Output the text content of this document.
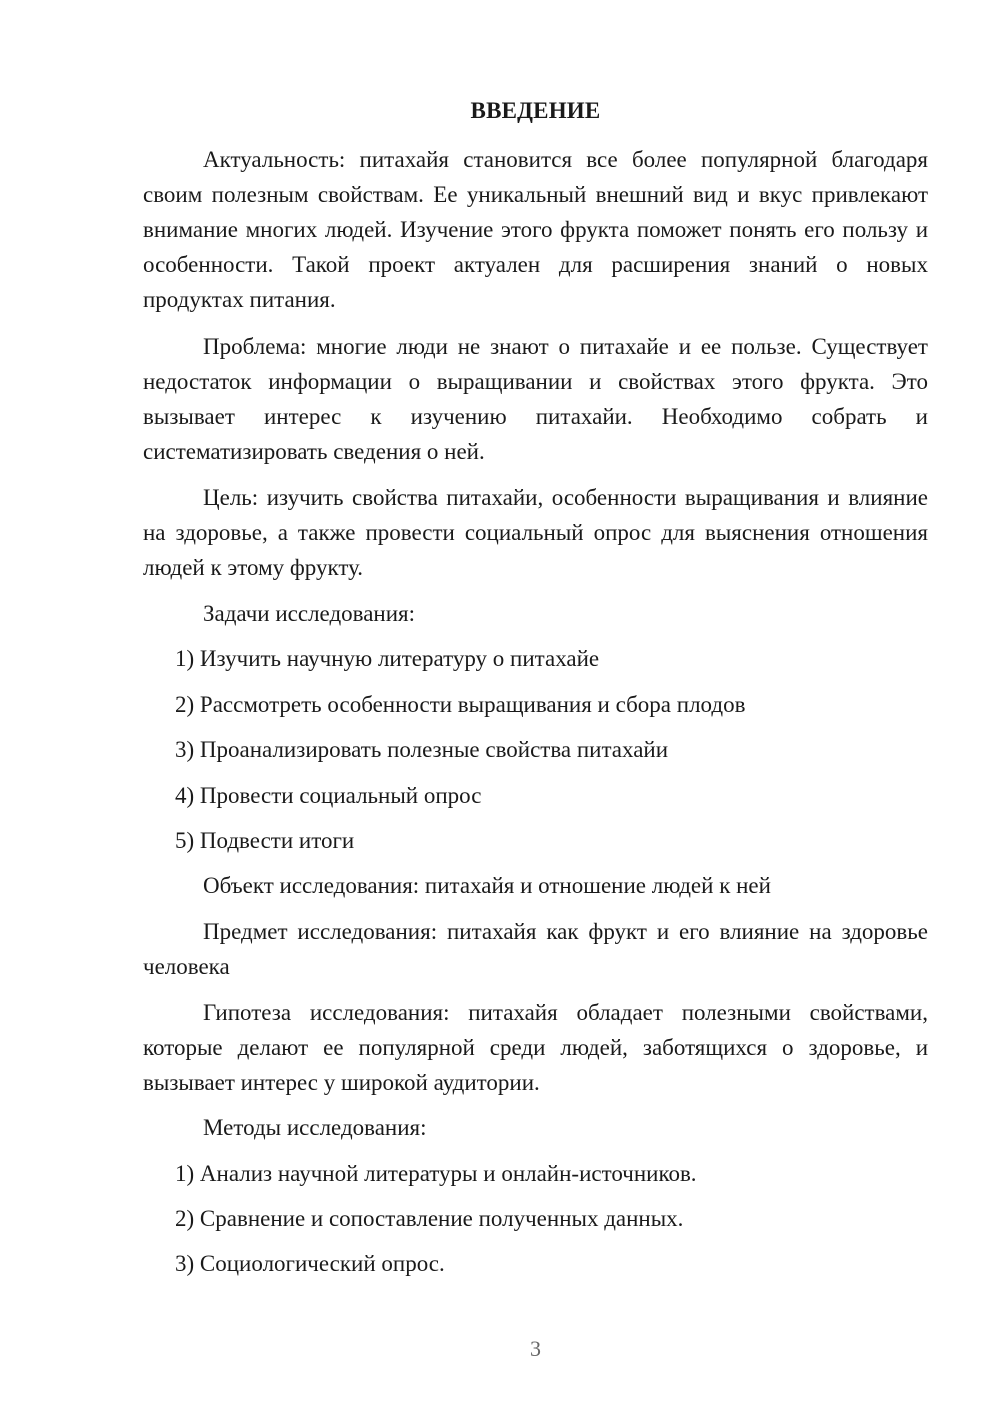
ВВЕДЕНИЕ

Актуальность: питахайя становится все более популярной благодаря своим полезным свойствам. Ее уникальный внешний вид и вкус привлекают внимание многих людей. Изучение этого фрукта поможет понять его пользу и особенности. Такой проект актуален для расширения знаний о новых продуктах питания.

Проблема: многие люди не знают о питахайе и ее пользе. Существует недостаток информации о выращивании и свойствах этого фрукта. Это вызывает интерес к изучению питахайи. Необходимо собрать и систематизировать сведения о ней.

Цель: изучить свойства питахайи, особенности выращивания и влияние на здоровье, а также провести социальный опрос для выяснения отношения людей к этому фрукту.

Задачи исследования:

1) Изучить научную литературу о питахайе

2) Рассмотреть особенности выращивания и сбора плодов

3) Проанализировать полезные свойства питахайи

4) Провести социальный опрос

5) Подвести итоги

Объект исследования: питахайя и отношение людей к ней

Предмет исследования: питахайя как фрукт и его влияние на здоровье человека

Гипотеза исследования: питахайя обладает полезными свойствами, которые делают ее популярной среди людей, заботящихся о здоровье, и вызывает интерес у широкой аудитории.

Методы исследования:

1) Анализ научной литературы и онлайн-источников.

2) Сравнение и сопоставление полученных данных.

3) Социологический опрос.

3
